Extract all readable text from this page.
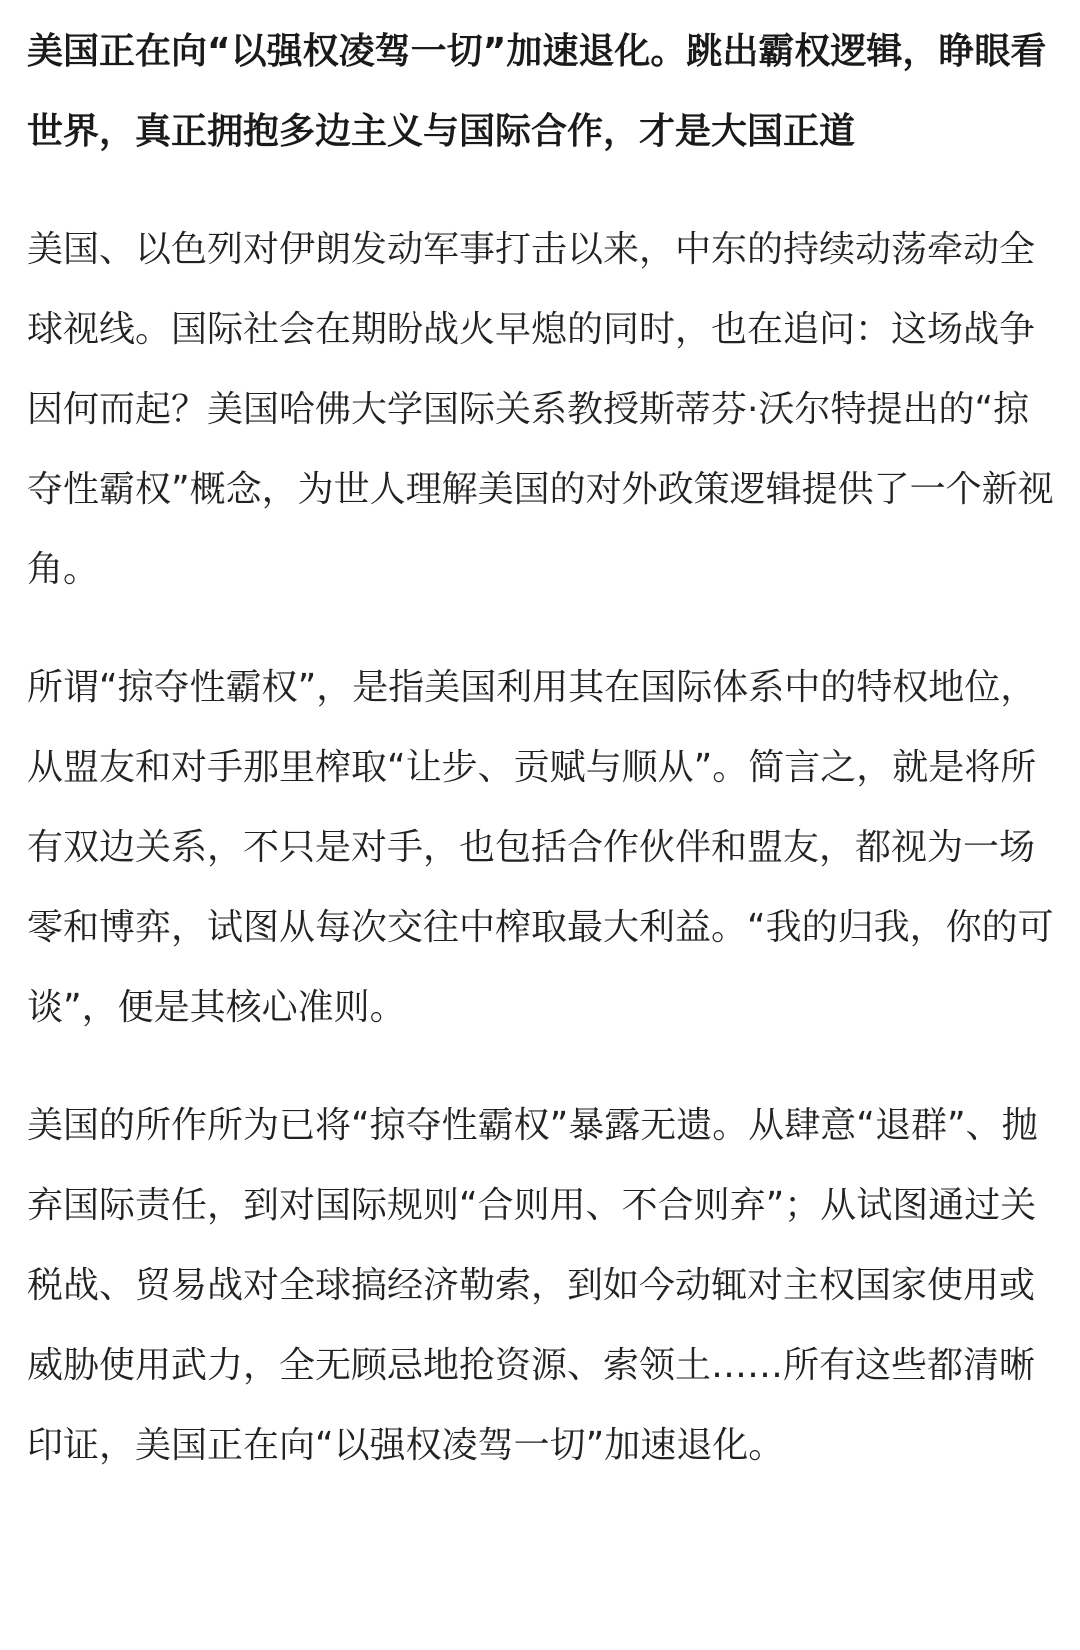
美国正在向“以强权凌驾一切”加速退化。跳出霸权逻辑，睁眼看世界，真正拥抱多边主义与国际合作，才是大国正道

美国、以色列对伊朗发动军事打击以来，中东的持续动荡牵动全球视线。国际社会在期盼战火早熄的同时，也在追问：这场战争因何而起？美国哈佛大学国际关系教授斯蒂芬·沃尔特提出的“掠夺性霸权”概念，为世人理解美国的对外政策逻辑提供了一个新视角。

所谓“掠夺性霸权”，是指美国利用其在国际体系中的特权地位，从盟友和对手那里榨取“让步、贡赋与顺从”。简言之，就是将所有双边关系，不只是对手，也包括合作伙伴和盟友，都视为一场零和博弈，试图从每次交往中榨取最大利益。“我的归我，你的可谈”，便是其核心准则。

美国的所作所为已将“掠夺性霸权”暴露无遗。从肆意“退群”、抛弃国际责任，到对国际规则“合则用、不合则弃”；从试图通过关税战、贸易战对全球搞经济勒索，到如今动辄对主权国家使用或威胁使用武力，全无顾忌地抢资源、索领土……所有这些都清晰印证，美国正在向“以强权凌驾一切”加速退化。
